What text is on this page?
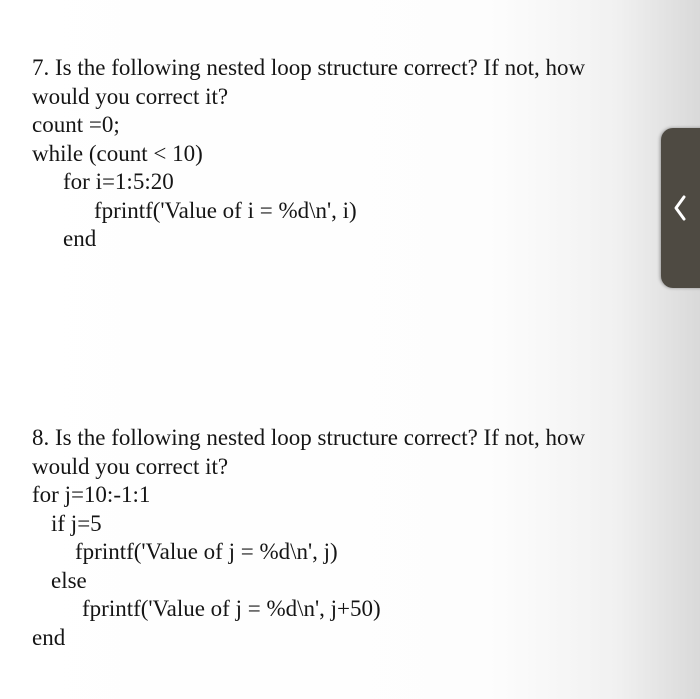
7. Is the following nested loop structure correct? If not, how
would you correct it?
count =0;
while (count < 10)
for i=1:5:20
fprintf('Value of i = %d\n', i)
end
8. Is the following nested loop structure correct? If not, how
would you correct it?
for j=10:-1:1
if j=5
fprintf('Value of j = %d\n', j)
else
fprintf('Value of j = %d\n', j+50)
end
